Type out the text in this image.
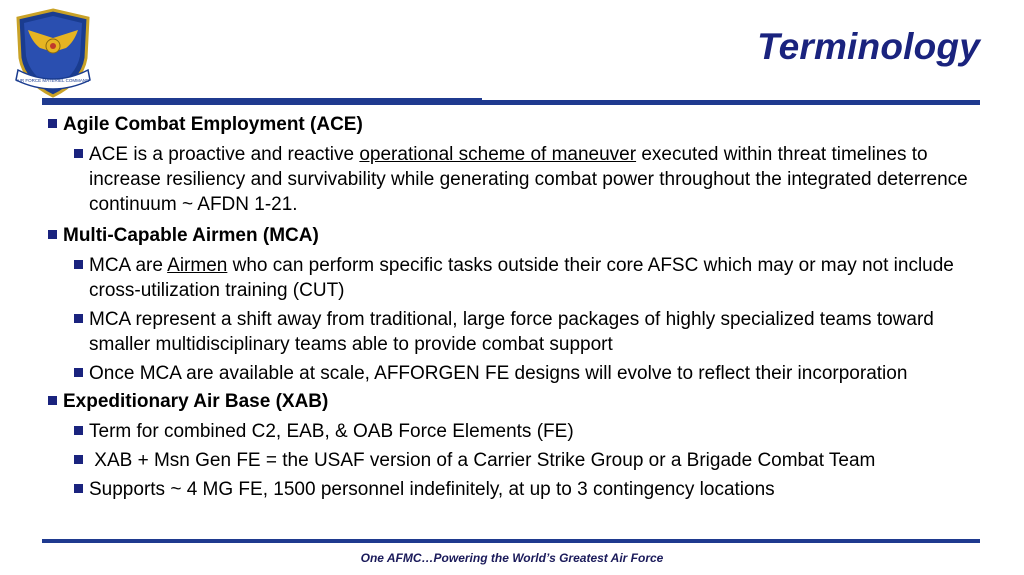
AIR FORCE MATERIEL COMMAND
Terminology
Agile Combat Employment (ACE)
ACE is a proactive and reactive operational scheme of maneuver executed within threat timelines to increase resiliency and survivability while generating combat power throughout the integrated deterrence continuum ~ AFDN 1-21.
Multi-Capable Airmen (MCA)
MCA are Airmen who can perform specific tasks outside their core AFSC which may or may not include cross-utilization training (CUT)
MCA represent a shift away from traditional, large force packages of highly specialized teams toward smaller multidisciplinary teams able to provide combat support
Once MCA are available at scale, AFFORGEN FE designs will evolve to reflect their incorporation
Expeditionary Air Base (XAB)
Term for combined C2, EAB, & OAB Force Elements (FE)
XAB + Msn Gen FE = the USAF version of a Carrier Strike Group or a Brigade Combat Team
Supports ~ 4 MG FE, 1500 personnel indefinitely, at up to 3 contingency locations
One AFMC…Powering the World’s Greatest Air Force
